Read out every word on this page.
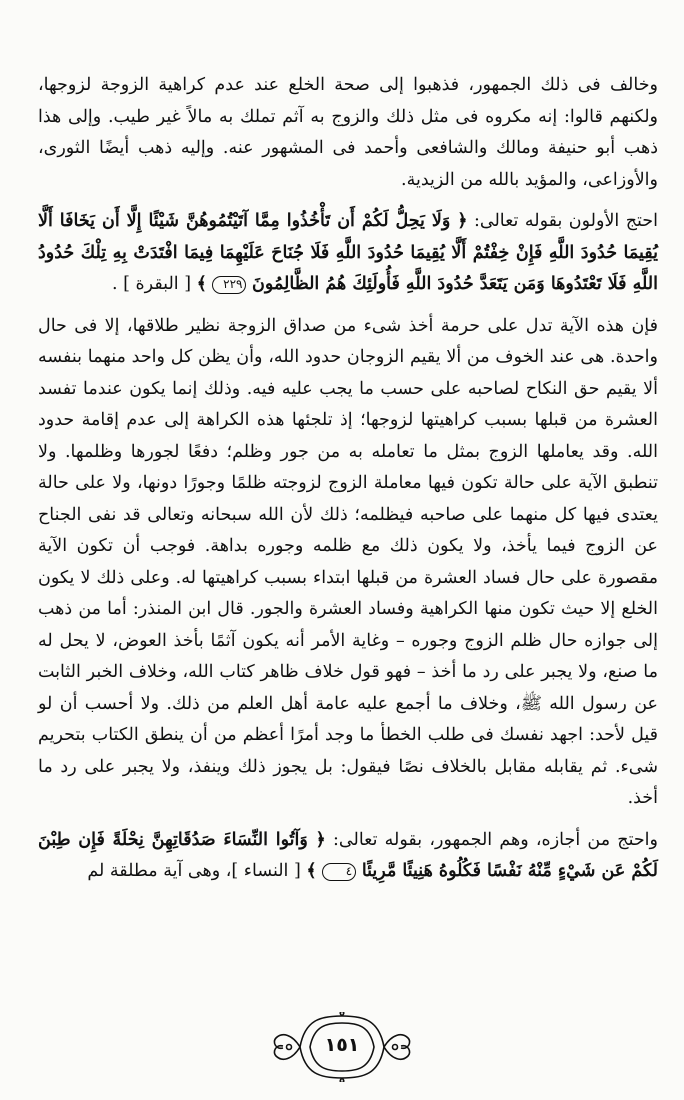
وخالف فى ذلك الجمهور، فذهبوا إلى صحة الخلع عند عدم كراهية الزوجة لزوجها، ولكنهم قالوا: إنه مكروه فى مثل ذلك والزوج به آثم تملك به مالاً غير طيب. وإلى هذا ذهب أبو حنيفة ومالك والشافعى وأحمد فى المشهور عنه. وإليه ذهب أيضًا الثورى، والأوزاعى، والمؤيد بالله من الزيدية.

احتج الأولون بقوله تعالى: ﴿ وَلَا يَحِلُّ لَكُمْ أَن تَأْخُذُوا مِمَّا آتَيْتُمُوهُنَّ شَيْئًا إِلَّا أَن يَخَافَا أَلَّا يُقِيمَا حُدُودَ اللَّهِ فَإِنْ خِفْتُمْ أَلَّا يُقِيمَا حُدُودَ اللَّهِ فَلَا جُنَاحَ عَلَيْهِمَا فِيمَا افْتَدَتْ بِهِ تِلْكَ حُدُودُ اللَّهِ فَلَا تَعْتَدُوهَا وَمَن يَتَعَدَّ حُدُودَ اللَّهِ فَأُولَئِكَ هُمُ الظَّالِمُونَ ٢٢٩ ﴾ [ البقرة ] .

فإن هذه الآية تدل على حرمة أخذ شىء من صداق الزوجة نظير طلاقها، إلا فى حال واحدة. هى عند الخوف من ألا يقيم الزوجان حدود الله، وأن يظن كل واحد منهما بنفسه ألا يقيم حق النكاح لصاحبه على حسب ما يجب عليه فيه. وذلك إنما يكون عندما تفسد العشرة من قبلها بسبب كراهيتها لزوجها؛ إذ تلجئها هذه الكراهة إلى عدم إقامة حدود الله. وقد يعاملها الزوج بمثل ما تعامله به من جور وظلم؛ دفعًا لجورها وظلمها. ولا تنطبق الآية على حالة تكون فيها معاملة الزوج لزوجته ظلمًا وجورًا دونها، ولا على حالة يعتدى فيها كل منهما على صاحبه فيظلمه؛ ذلك لأن الله سبحانه وتعالى قد نفى الجناح عن الزوج فيما يأخذ، ولا يكون ذلك مع ظلمه وجوره بداهة. فوجب أن تكون الآية مقصورة على حال فساد العشرة من قبلها ابتداء بسبب كراهيتها له. وعلى ذلك لا يكون الخلع إلا حيث تكون منها الكراهية وفساد العشرة والجور. قال ابن المنذر: أما من ذهب إلى جوازه حال ظلم الزوج وجوره – وغاية الأمر أنه يكون آثمًا بأخذ العوض، لا يحل له ما صنع، ولا يجبر على رد ما أخذ – فهو قول خلاف ظاهر كتاب الله، وخلاف الخبر الثابت عن رسول الله ﷺ، وخلاف ما أجمع عليه عامة أهل العلم من ذلك. ولا أحسب أن لو قيل لأحد: اجهد نفسك فى طلب الخطأ ما وجد أمرًا أعظم من أن ينطق الكتاب بتحريم شىء. ثم يقابله مقابل بالخلاف نصًا فيقول: بل يجوز ذلك وينفذ، ولا يجبر على رد ما أخذ.

واحتج من أجازه، وهم الجمهور، بقوله تعالى: ﴿ وَآتُوا النِّسَاءَ صَدُقَاتِهِنَّ نِحْلَةً فَإِن طِبْنَ لَكُمْ عَن شَيْءٍ مِّنْهُ نَفْسًا فَكُلُوهُ هَنِيئًا مَّرِيئًا ٤ ﴾ [ النساء ]، وهى آية مطلقة لم

١٥١
